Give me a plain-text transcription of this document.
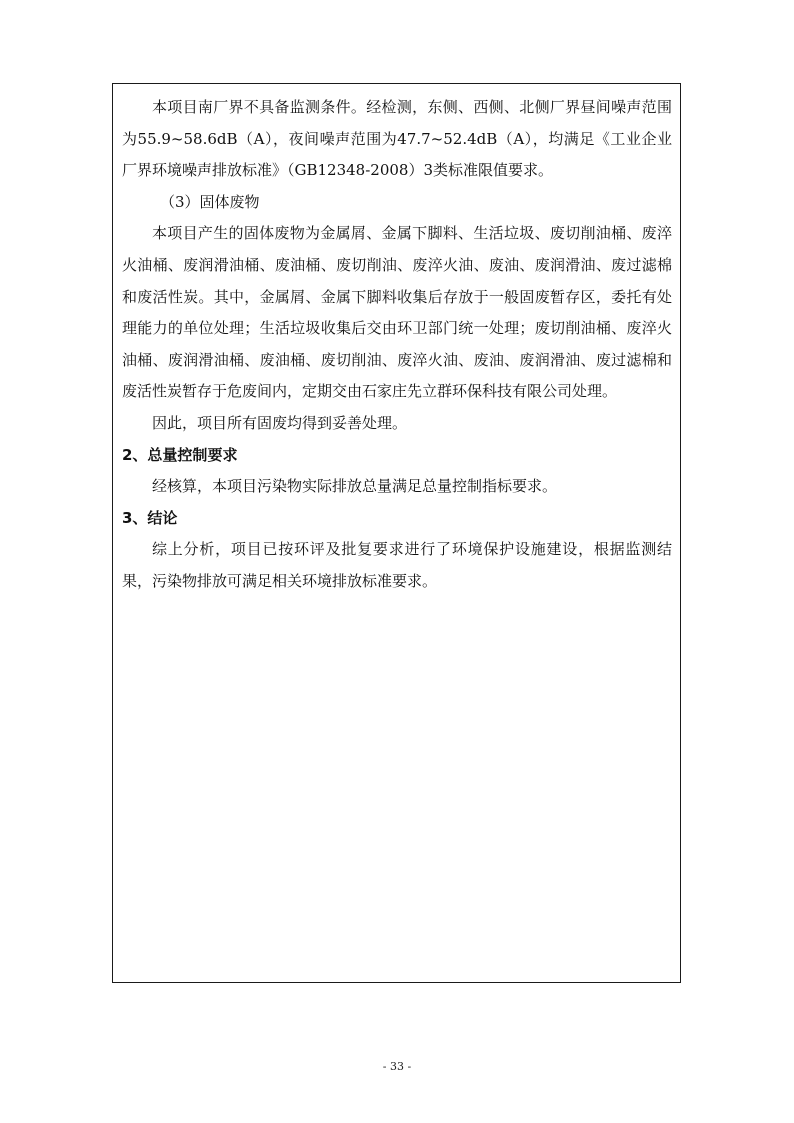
本项目南厂界不具备监测条件。经检测，东侧、西侧、北侧厂界昼间噪声范围为55.9~58.6dB（A），夜间噪声范围为47.7~52.4dB（A），均满足《工业企业厂界环境噪声排放标准》（GB12348-2008）3类标准限值要求。

（3）固体废物

本项目产生的固体废物为金属屑、金属下脚料、生活垃圾、废切削油桶、废淬火油桶、废润滑油桶、废油桶、废切削油、废淬火油、废油、废润滑油、废过滤棉和废活性炭。其中，金属屑、金属下脚料收集后存放于一般固废暂存区，委托有处理能力的单位处理；生活垃圾收集后交由环卫部门统一处理；废切削油桶、废淬火油桶、废润滑油桶、废油桶、废切削油、废淬火油、废油、废润滑油、废过滤棉和废活性炭暂存于危废间内，定期交由石家庄先立群环保科技有限公司处理。

因此，项目所有固废均得到妥善处理。

2、总量控制要求

经核算，本项目污染物实际排放总量满足总量控制指标要求。

3、结论

综上分析，项目已按环评及批复要求进行了环境保护设施建设，根据监测结果，污染物排放可满足相关环境排放标准要求。

- 33 -
